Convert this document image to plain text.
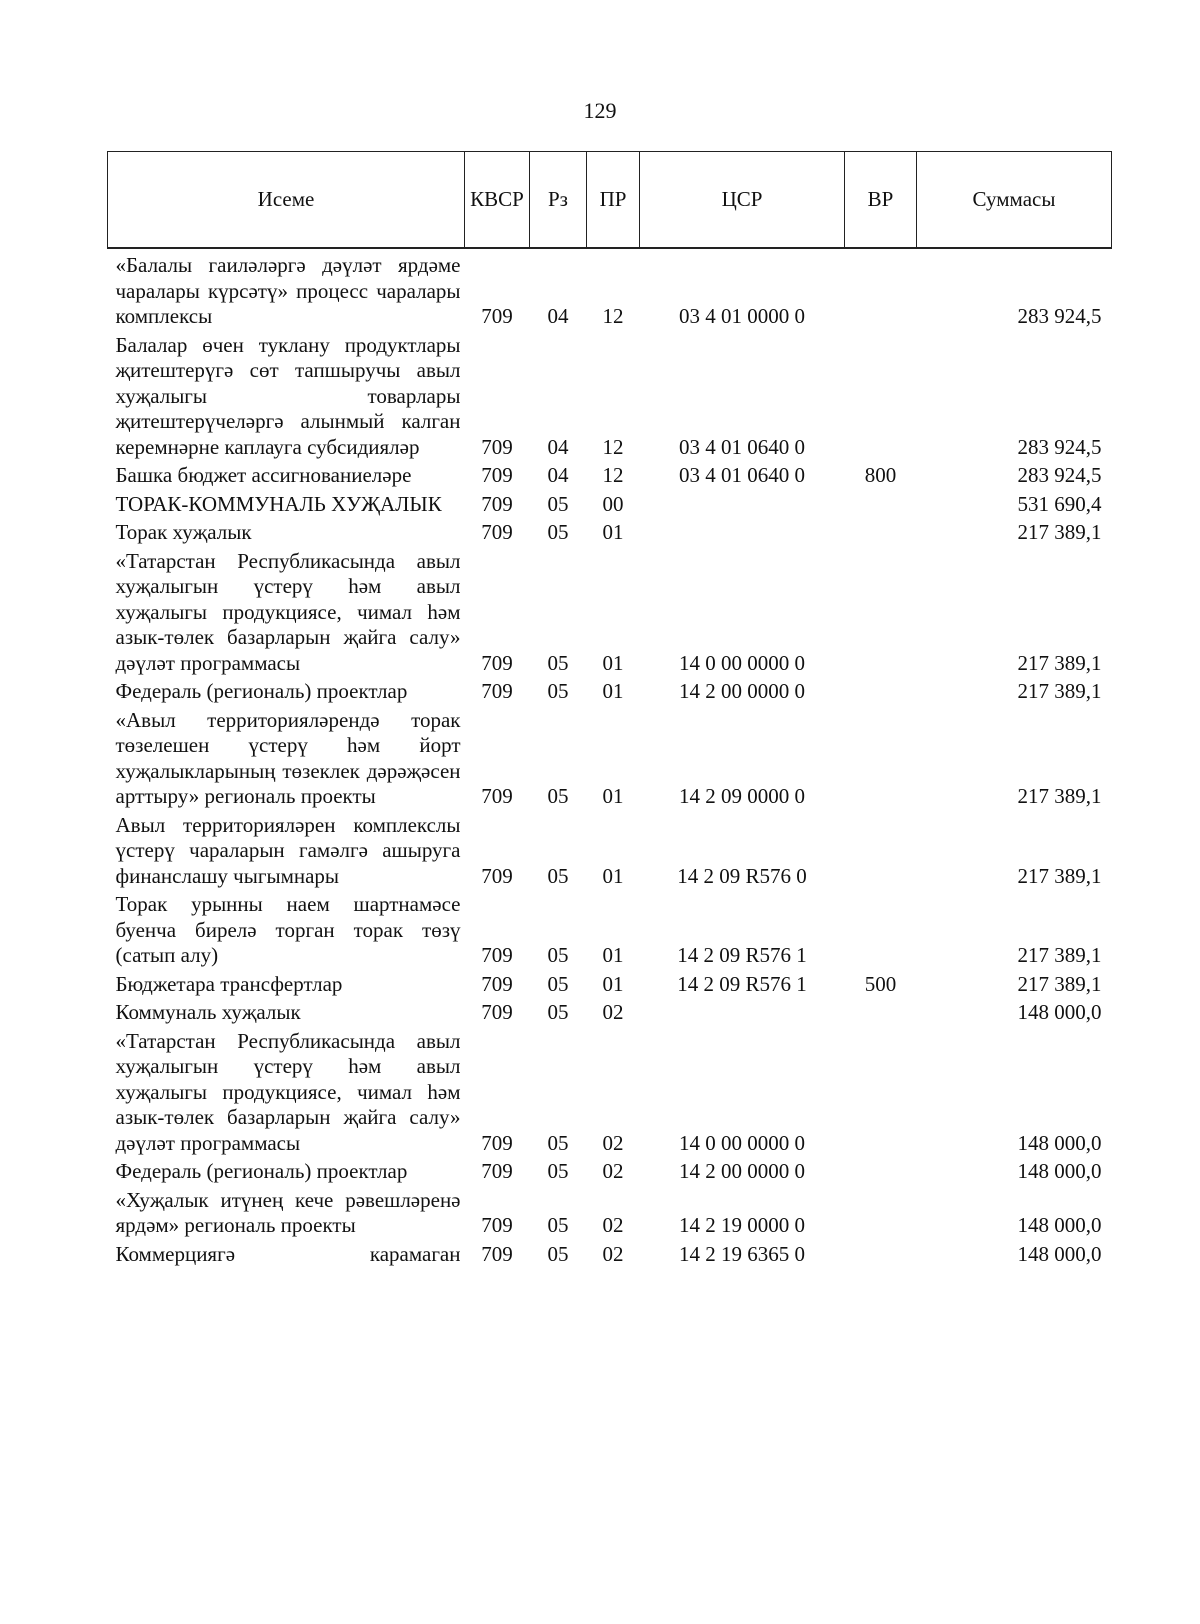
129
Исеме	КВСР	Рз	ПР	ЦСР	ВР	Суммасы
«Балалы гаиләләргә дәүләт ярдәме чаралары күрсәтү» процесс чаралары комплексы	709	04	12	03 4 01 0000 0		283 924,5
Балалар өчен туклану продуктлары җитештерүгә сөт тапшыручы авыл хуҗалыгы товарлары җитештерүчеләргә алынмый калган керемнәрне каплауга субсидияләр	709	04	12	03 4 01 0640 0		283 924,5
Башка бюджет ассигнованиеләре	709	04	12	03 4 01 0640 0	800	283 924,5
ТОРАК-КОММУНАЛЬ ХУҖАЛЫК	709	05	00			531 690,4
Торак хуҗалык	709	05	01			217 389,1
«Татарстан Республикасында авыл хуҗалыгын үстерү һәм авыл хуҗалыгы продукциясе, чимал һәм азык-төлек базарларын җайга салу» дәүләт программасы	709	05	01	14 0 00 0000 0		217 389,1
Федераль (региональ) проектлар	709	05	01	14 2 00 0000 0		217 389,1
«Авыл территорияләрендә торак төзелешен үстерү һәм йорт хуҗалыкларының төзеклек дәрәҗәсен арттыру» региональ проекты	709	05	01	14 2 09 0000 0		217 389,1
Авыл территорияләрен комплекслы үстерү чараларын гамәлгә ашыруга финанслашу чыгымнары	709	05	01	14 2 09 R576 0		217 389,1
Торак урынны наем шартнамәсе буенча бирелә торган торак төзү (сатып алу)	709	05	01	14 2 09 R576 1		217 389,1
Бюджетара трансфертлар	709	05	01	14 2 09 R576 1	500	217 389,1
Коммуналь хуҗалык	709	05	02			148 000,0
«Татарстан Республикасында авыл хуҗалыгын үстерү һәм авыл хуҗалыгы продукциясе, чимал һәм азык-төлек базарларын җайга салу» дәүләт программасы	709	05	02	14 0 00 0000 0		148 000,0
Федераль (региональ) проектлар	709	05	02	14 2 00 0000 0		148 000,0
«Хуҗалык итүнең кече рәвешләренә ярдәм» региональ проекты	709	05	02	14 2 19 0000 0		148 000,0
Коммерциягә карамаган	709	05	02	14 2 19 6365 0		148 000,0
